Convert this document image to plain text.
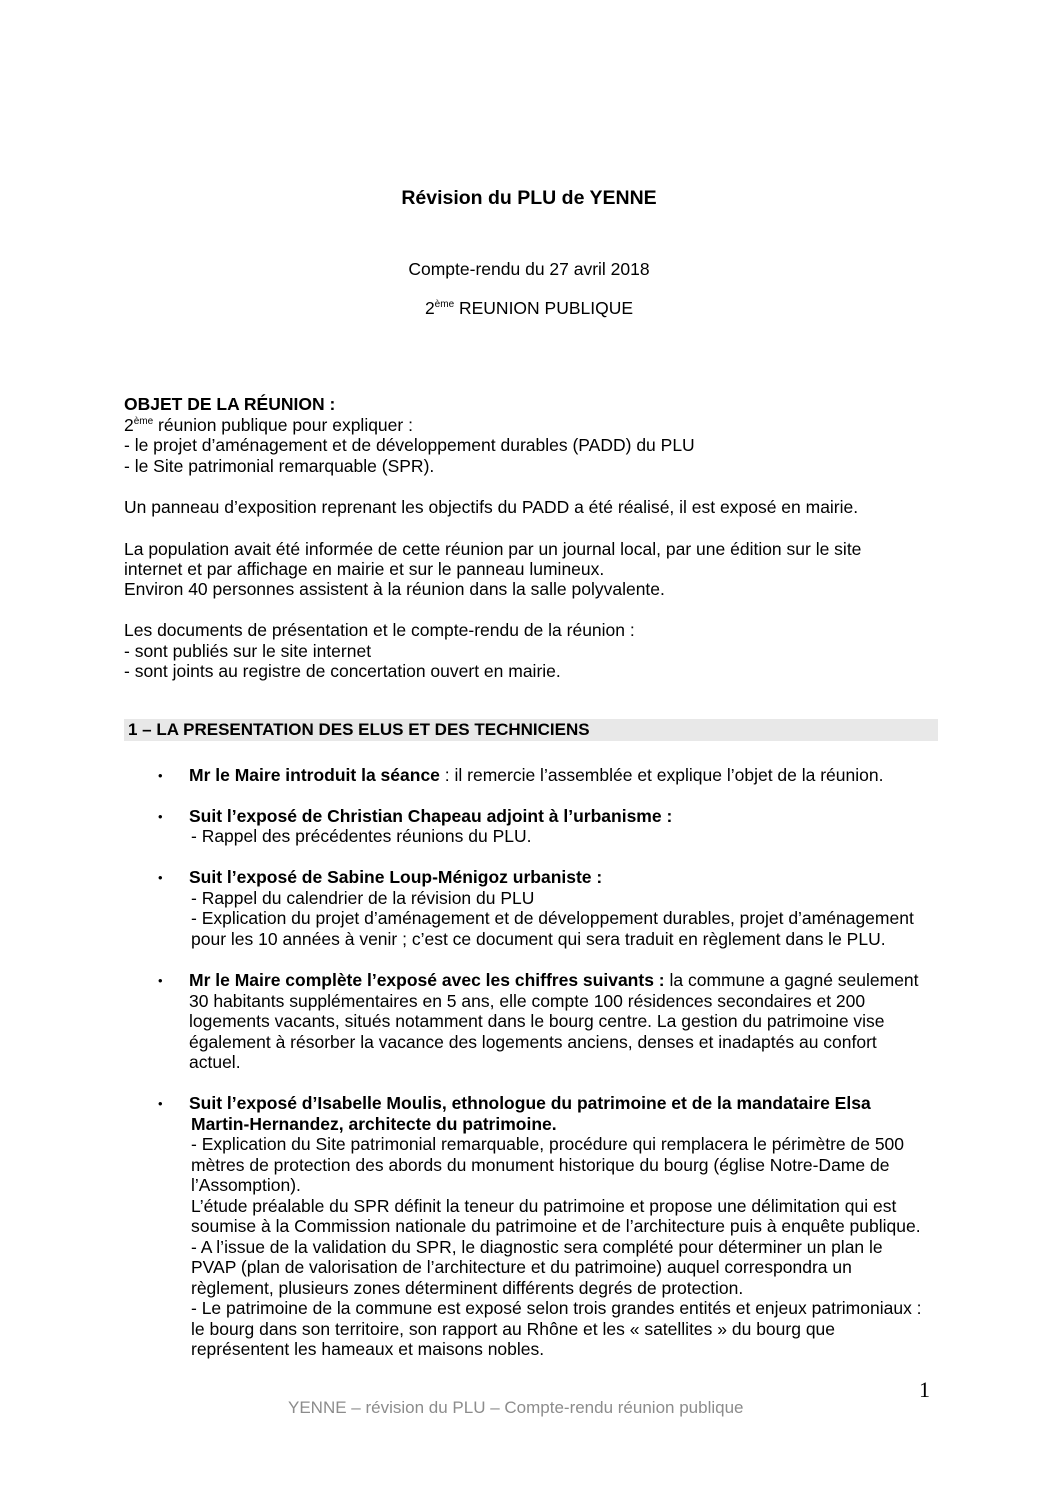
Révision du PLU de YENNE
Compte-rendu du 27 avril 2018
2ème REUNION PUBLIQUE
OBJET DE LA RÉUNION :
2ème réunion publique pour expliquer :
- le projet d’aménagement et de développement durables (PADD) du PLU
- le Site patrimonial remarquable (SPR).
Un panneau d’exposition reprenant les objectifs du PADD a été réalisé, il est exposé en mairie.
La population avait été informée de cette réunion par un journal local, par une édition sur le site
internet et par affichage en mairie et sur le panneau lumineux.
Environ 40 personnes assistent à la réunion dans la salle polyvalente.
Les documents de présentation et le compte-rendu de la réunion :
- sont publiés sur le site internet
- sont joints au registre de concertation ouvert en mairie.
1 – LA PRESENTATION DES ELUS ET DES TECHNICIENS
• Mr le Maire introduit la séance : il remercie l’assemblée et explique l’objet de la réunion.
• Suit l’exposé de Christian Chapeau adjoint à l’urbanisme :
- Rappel des précédentes réunions du PLU.
• Suit l’exposé de Sabine Loup-Ménigoz urbaniste :
- Rappel du calendrier de la révision du PLU
- Explication du projet d’aménagement et de développement durables, projet d’aménagement
pour les 10 années à venir ; c’est ce document qui sera traduit en règlement dans le PLU.
• Mr le Maire complète l’exposé avec les chiffres suivants : la commune a gagné seulement
30 habitants supplémentaires en 5 ans, elle compte 100 résidences secondaires et 200
logements vacants, situés notamment dans le bourg centre. La gestion du patrimoine vise
également à résorber la vacance des logements anciens, denses et inadaptés au confort
actuel.
• Suit l’exposé d’Isabelle Moulis, ethnologue du patrimoine et de la mandataire Elsa
Martin-Hernandez, architecte du patrimoine.
- Explication du Site patrimonial remarquable, procédure qui remplacera le périmètre de 500
mètres de protection des abords du monument historique du bourg (église Notre-Dame de
l’Assomption).
L’étude préalable du SPR définit la teneur du patrimoine et propose une délimitation qui est
soumise à la Commission nationale du patrimoine et de l’architecture puis à enquête publique.
- A l’issue de la validation du SPR, le diagnostic sera complété pour déterminer un plan le
PVAP (plan de valorisation de l’architecture et du patrimoine) auquel correspondra un
règlement, plusieurs zones déterminent différents degrés de protection.
- Le patrimoine de la commune est exposé selon trois grandes entités et enjeux patrimoniaux :
le bourg dans son territoire, son rapport au Rhône et les « satellites » du bourg que
représentent les hameaux et maisons nobles.
1
YENNE – révision du PLU – Compte-rendu réunion publique
